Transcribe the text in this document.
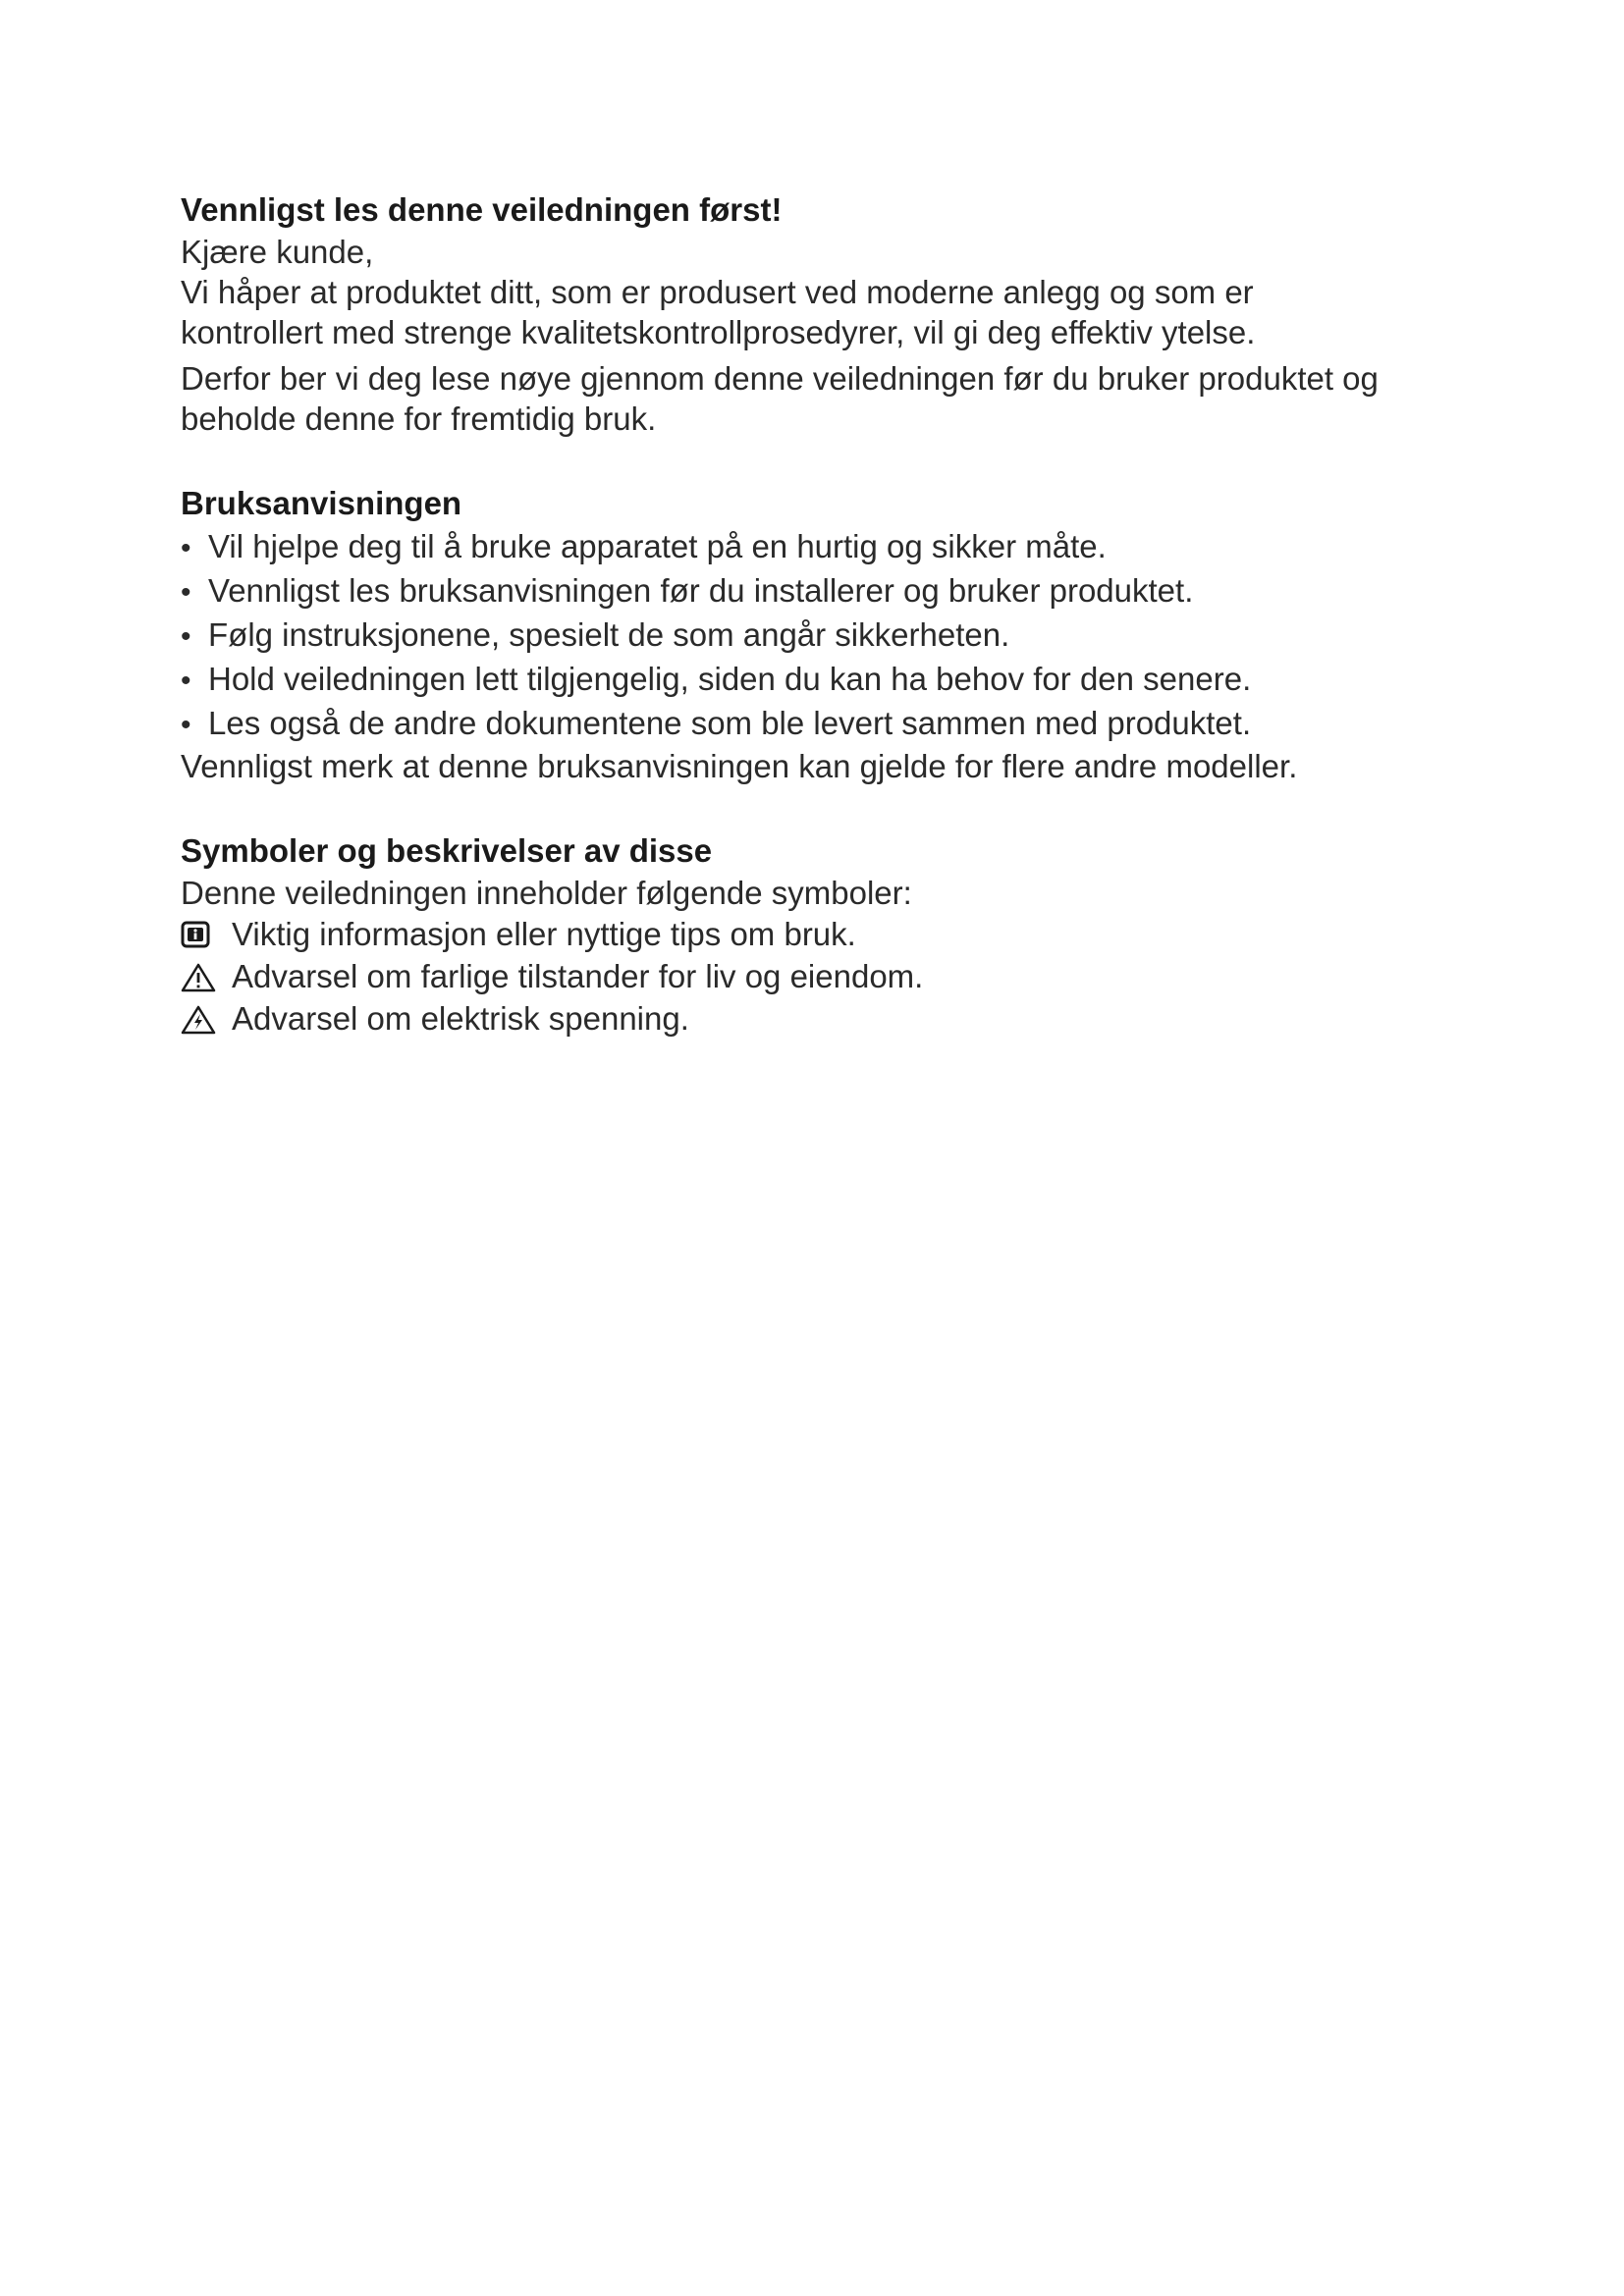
Vennligst les denne veiledningen først!

Kjære kunde,

Vi håper at produktet ditt, som er produsert ved moderne anlegg og som er

kontrollert med strenge kvalitetskontrollprosedyrer, vil gi deg effektiv ytelse.

Derfor ber vi deg lese nøye gjennom denne veiledningen før du bruker produktet og

beholde denne for fremtidig bruk.

Bruksanvisningen
• Vil hjelpe deg til å bruke apparatet på en hurtig og sikker måte.
• Vennligst les bruksanvisningen før du installerer og bruker produktet.
• Følg instruksjonene, spesielt de som angår sikkerheten.
• Hold veiledningen lett tilgjengelig, siden du kan ha behov for den senere.
• Les også de andre dokumentene som ble levert sammen med produktet.

Vennligst merk at denne bruksanvisningen kan gjelde for flere andre modeller.

Symboler og beskrivelser av disse

Denne veiledningen inneholder følgende symboler:

Viktig informasjon eller nyttige tips om bruk.
Advarsel om farlige tilstander for liv og eiendom.
Advarsel om elektrisk spenning.
